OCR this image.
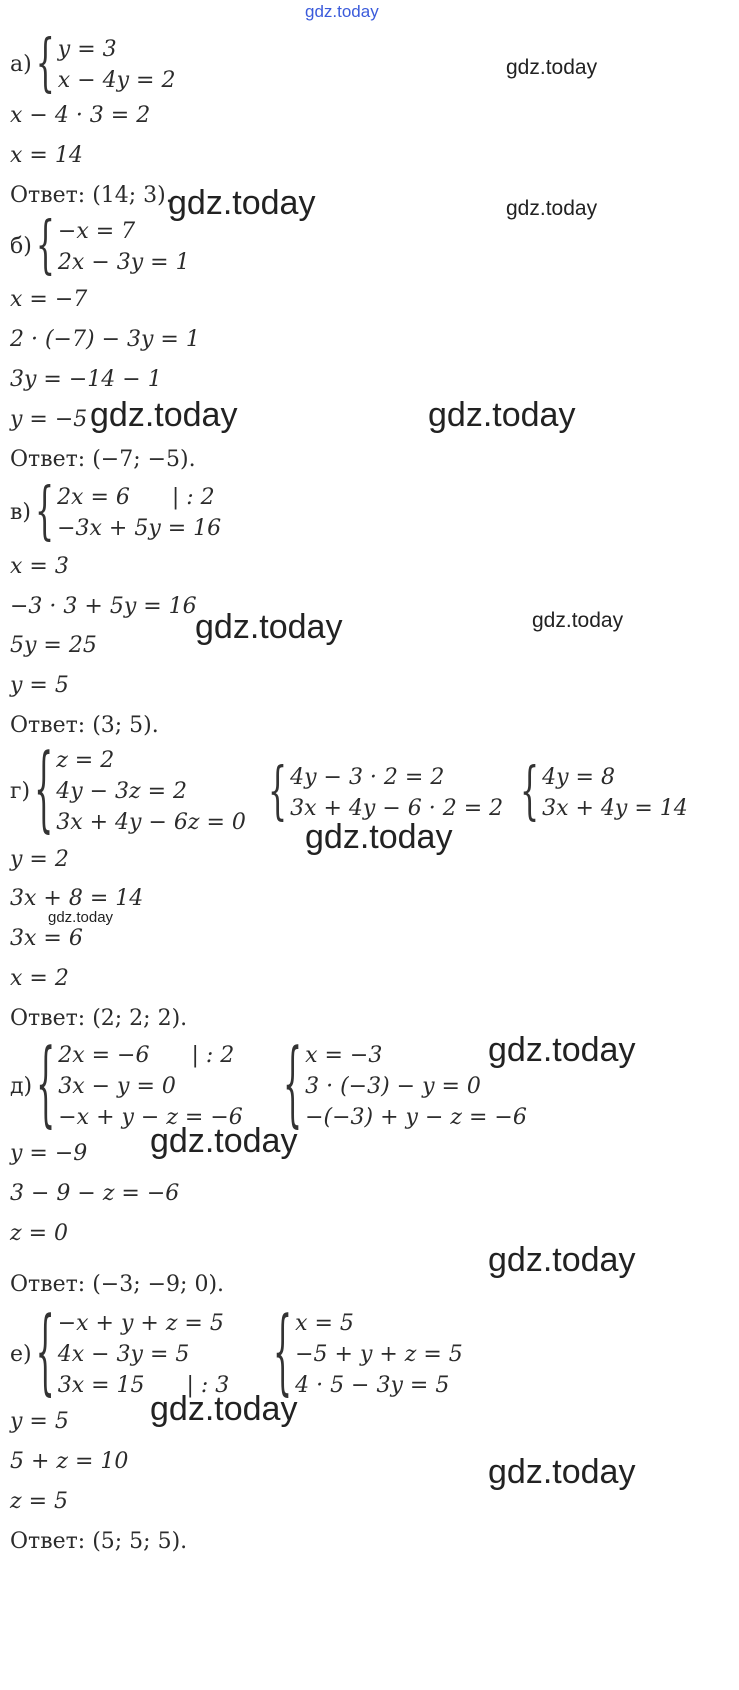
gdz.today
а) { y = 3
x − 4y = 2
x − 4 · 3 = 2
x = 14
Ответ: (14; 3).
б) { −x = 7
2x − 3y = 1
x = −7
2 · (−7) − 3y = 1
3y = −14 − 1
y = −5
Ответ: (−7; −5).
в) { 2x = 6      | : 2
−3x + 5y = 16
x = 3
−3 · 3 + 5y = 16
5y = 25
y = 5
Ответ: (3; 5).
г) { z = 2
4y − 3z = 2
3x + 4y − 6z = 0 { 4y − 3 · 2 = 2
3x + 4y − 6 · 2 = 2 { 4y = 8
3x + 4y = 14
y = 2
3x + 8 = 14
3x = 6
x = 2
Ответ: (2; 2; 2).
д) { 2x = −6      | : 2
3x − y = 0
−x + y − z = −6 { x = −3
3 · (−3) − y = 0
−(−3) + y − z = −6
y = −9
3 − 9 − z = −6
z = 0
Ответ: (−3; −9; 0).
е) { −x + y + z = 5
4x − 3y = 5
3x = 15      | : 3 { x = 5
−5 + y + z = 5
4 · 5 − 3y = 5
y = 5
5 + z = 10
z = 5
Ответ: (5; 5; 5).
gdz.today
gdz.today	gdz.today
gdz.today	gdz.today
gdz.today	gdz.today
gdz.today
gdz.today
gdz.today
gdz.today
gdz.today
gdz.today
gdz.today
